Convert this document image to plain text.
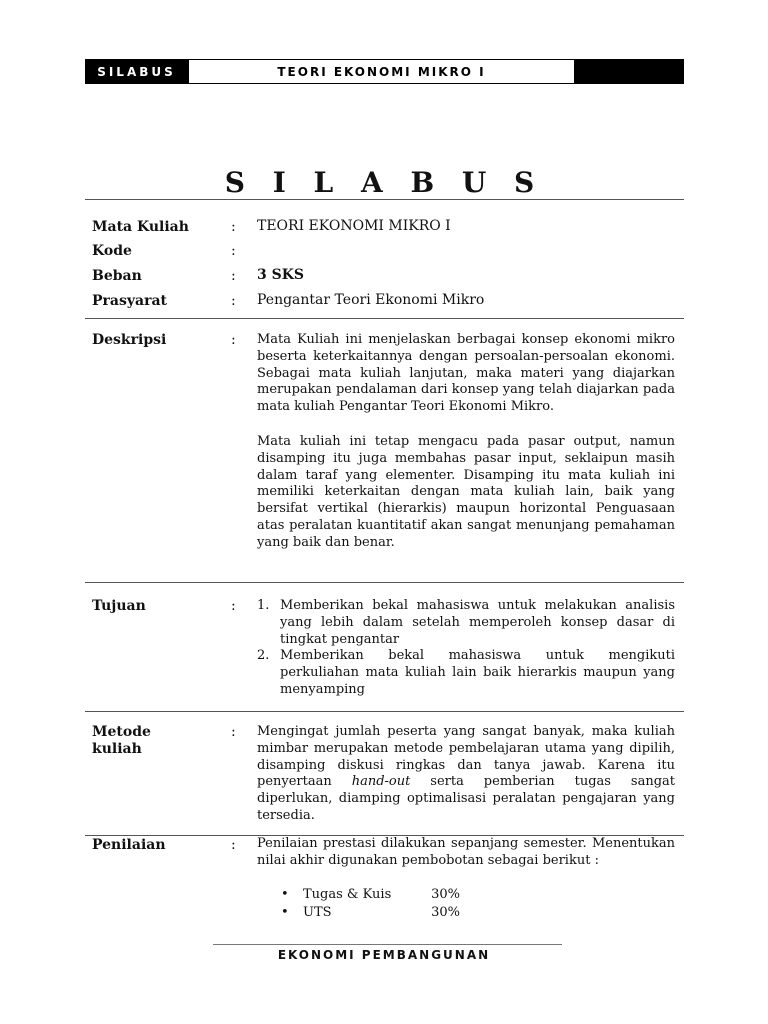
SILABUS	TEORI EKONOMI MIKRO I
S I L A B U S
Mata Kuliah	: TEORI EKONOMI MIKRO I
Kode	:
Beban	: 3 SKS
Prasyarat	: Pengantar Teori Ekonomi Mikro
Deskripsi	: Mata Kuliah ini menjelaskan berbagai konsep ekonomi mikro beserta keterkaitannya dengan persoalan-persoalan ekonomi. Sebagai mata kuliah lanjutan, maka materi yang diajarkan merupakan pendalaman dari konsep yang telah diajarkan pada mata kuliah Pengantar Teori Ekonomi Mikro.

Mata kuliah ini tetap mengacu pada pasar output, namun disamping itu juga membahas pasar input, seklaipun masih dalam taraf yang elementer. Disamping itu mata kuliah ini memiliki keterkaitan dengan mata kuliah lain, baik yang bersifat vertikal (hierarkis) maupun horizontal Penguasaan atas peralatan kuantitatif akan sangat menunjang pemahaman yang baik dan benar.

Tujuan	: 1. Memberikan bekal mahasiswa untuk melakukan analisis yang lebih dalam setelah memperoleh konsep dasar di tingkat pengantar
2. Memberikan bekal mahasiswa untuk mengikuti perkuliahan mata kuliah lain baik hierarkis maupun yang menyamping
Metode
kuliah
: Mengingat jumlah peserta yang sangat banyak, maka kuliah mimbar merupakan metode pembelajaran utama yang dipilih, disamping diskusi ringkas dan tanya jawab. Karena itu penyertaan hand-out serta pemberian tugas sangat diperlukan, diamping optimalisasi peralatan pengajaran yang tersedia.

Penilaian	: Penilaian prestasi dilakukan sepanjang semester. Menentukan nilai akhir digunakan pembobotan sebagai berikut :

• Tugas & Kuis	30%
• UTS	30%
EKONOMI PEMBANGUNAN
